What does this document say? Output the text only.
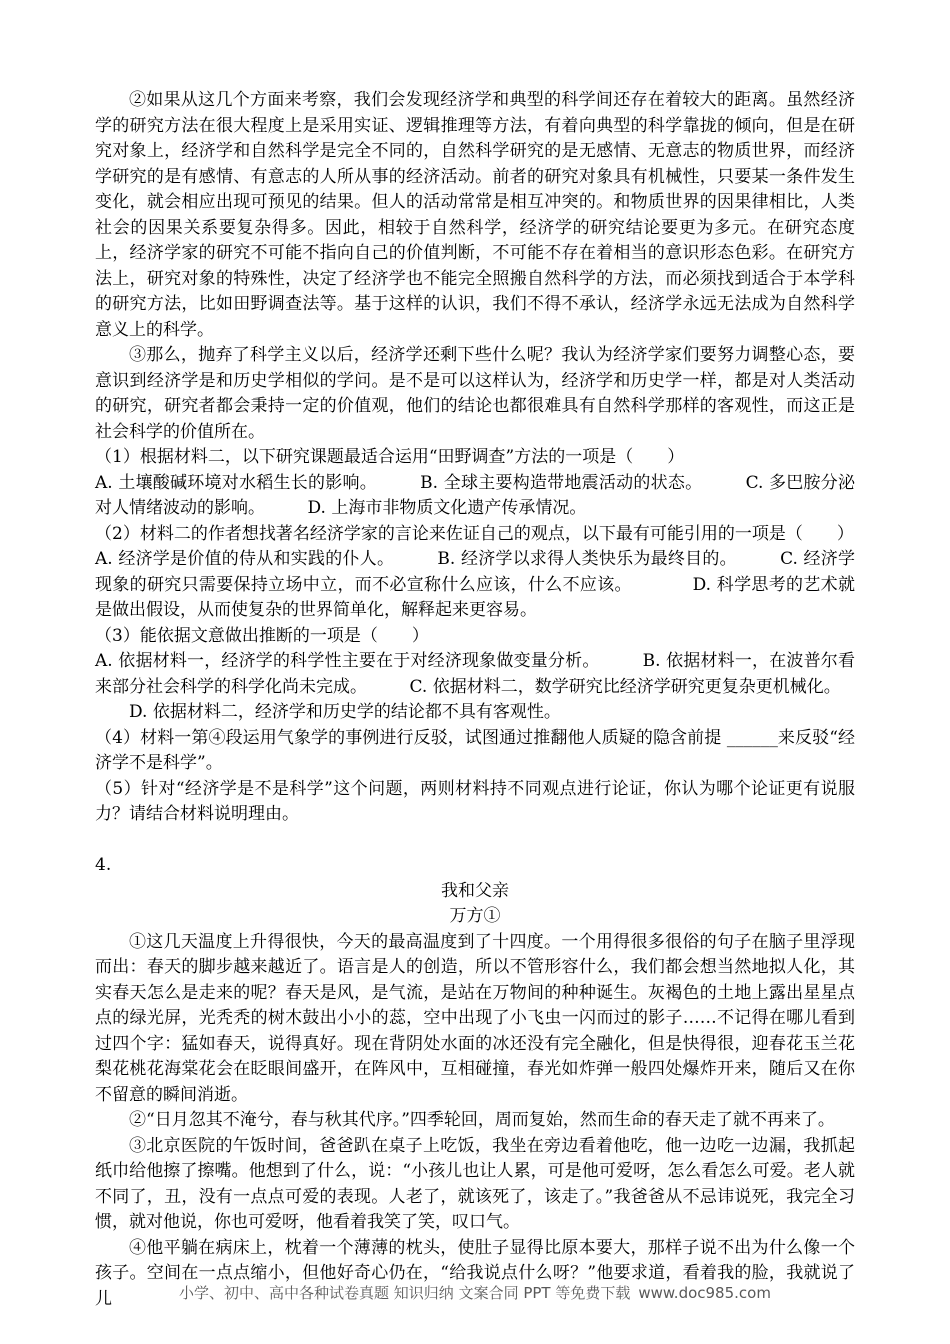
②如果从这几个方面来考察，我们会发现经济学和典型的科学间还存在着较大的距离。虽然经济学的研究方法在很大程度上是采用实证、逻辑推理等方法，有着向典型的科学靠拢的倾向，但是在研究对象上，经济学和自然科学是完全不同的，自然科学研究的是无感情、无意志的物质世界，而经济学研究的是有感情、有意志的人所从事的经济活动。前者的研究对象具有机械性，只要某一条件发生变化，就会相应出现可预见的结果。但人的活动常常是相互冲突的。和物质世界的因果律相比，人类社会的因果关系要复杂得多。因此，相较于自然科学，经济学的研究结论要更为多元。在研究态度上，经济学家的研究不可能不指向自己的价值判断，不可能不存在着相当的意识形态色彩。在研究方法上，研究对象的特殊性，决定了经济学也不能完全照搬自然科学的方法，而必须找到适合于本学科的研究方法，比如田野调查法等。基于这样的认识，我们不得不承认，经济学永远无法成为自然科学意义上的科学。

③那么，抛弃了科学主义以后，经济学还剩下些什么呢？我认为经济学家们要努力调整心态，要意识到经济学是和历史学相似的学问。是不是可以这样认为，经济学和历史学一样，都是对人类活动的研究，研究者都会秉持一定的价值观，他们的结论也都很难具有自然科学那样的客观性，而这正是社会科学的价值所在。

（1）根据材料二，以下研究课题最适合运用“田野调查”方法的一项是（　　）

A. 土壤酸碱环境对水稻生长的影响。　　　B. 全球主要构造带地震活动的状态。　　　C. 多巴胺分泌对人情绪波动的影响。　　　D. 上海市非物质文化遗产传承情况。

（2）材料二的作者想找著名经济学家的言论来佐证自己的观点，以下最有可能引用的一项是（　　）

A. 经济学是价值的侍从和实践的仆人。　　　B. 经济学以求得人类快乐为最终目的。　　　C. 经济学现象的研究只需要保持立场中立，而不必宣称什么应该，什么不应该。　　　　D. 科学思考的艺术就是做出假设，从而使复杂的世界简单化，解释起来更容易。

（3）能依据文意做出推断的一项是（　　）

A. 依据材料一，经济学的科学性主要在于对经济现象做变量分析。　　　B. 依据材料一，在波普尔看来部分社会科学的科学化尚未完成。　　　C. 依据材料二，数学研究比经济学研究更复杂更机械化。

　　D. 依据材料二，经济学和历史学的结论都不具有客观性。

（4）材料一第④段运用气象学的事例进行反驳，试图通过推翻他人质疑的隐含前提 ______来反驳“经济学不是科学”。

（5）针对“经济学是不是科学”这个问题，两则材料持不同观点进行论证，你认为哪个论证更有说服力？请结合材料说明理由。

4.

我和父亲

万方①

①这几天温度上升得很快，今天的最高温度到了十四度。一个用得很多很俗的句子在脑子里浮现而出：春天的脚步越来越近了。语言是人的创造，所以不管形容什么，我们都会想当然地拟人化，其实春天怎么是走来的呢？春天是风，是气流，是站在万物间的种种诞生。灰褐色的土地上露出星星点点的绿光屏，光秃秃的树木鼓出小小的蕊，空中出现了小飞虫一闪而过的影子……不记得在哪儿看到过四个字：猛如春天，说得真好。现在背阴处水面的冰还没有完全融化，但是快得很，迎春花玉兰花梨花桃花海棠花会在眨眼间盛开，在阵风中，互相碰撞，春光如炸弹一般四处爆炸开来，随后又在你不留意的瞬间消逝。

②“日月忽其不淹兮，春与秋其代序。”四季轮回，周而复始，然而生命的春天走了就不再来了。

③北京医院的午饭时间，爸爸趴在桌子上吃饭，我坐在旁边看着他吃，他一边吃一边漏，我抓起纸巾给他擦了擦嘴。他想到了什么，说：“小孩儿也让人累，可是他可爱呀，怎么看怎么可爱。老人就不同了，丑，没有一点点可爱的表现。人老了，就该死了，该走了。”我爸爸从不忌讳说死，我完全习惯，就对他说，你也可爱呀，他看着我笑了笑，叹口气。

④他平躺在病床上，枕着一个薄薄的枕头，使肚子显得比原本要大，那样子说不出为什么像一个孩子。空间在一点点缩小，但他好奇心仍在，“给我说点什么呀？”他要求道，看着我的脸，我就说了儿	小学、初中、高中各种试卷真题 知识归纳 文案合同 PPT 等免费下载 www.doc985.com
